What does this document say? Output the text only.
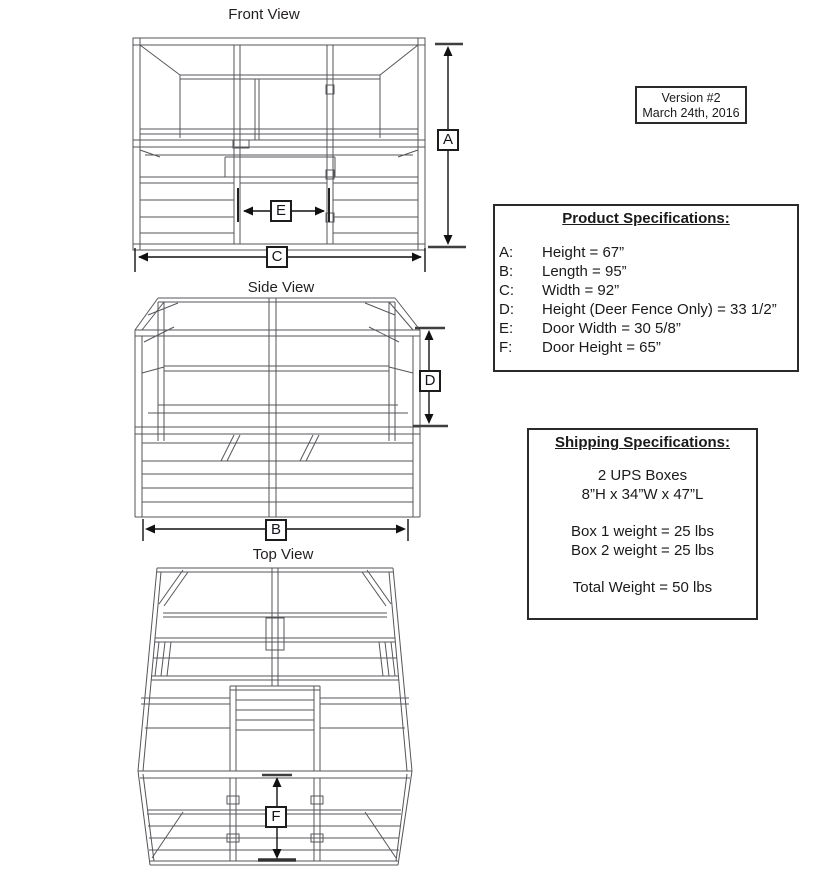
Front View
A
E
C
Side View
D
B
Top View
F
Version #2
March 24th, 2016
Product Specifications:
A: Height = 67”
B: Length = 95”
C: Width = 92”
D: Height (Deer Fence Only) = 33 1/2”
E: Door Width = 30 5/8”
F: Door Height = 65”
Shipping Specifications:
2 UPS Boxes
8”H x 34”W x 47”L
Box 1 weight = 25 lbs
Box 2 weight = 25 lbs
Total Weight = 50 lbs
